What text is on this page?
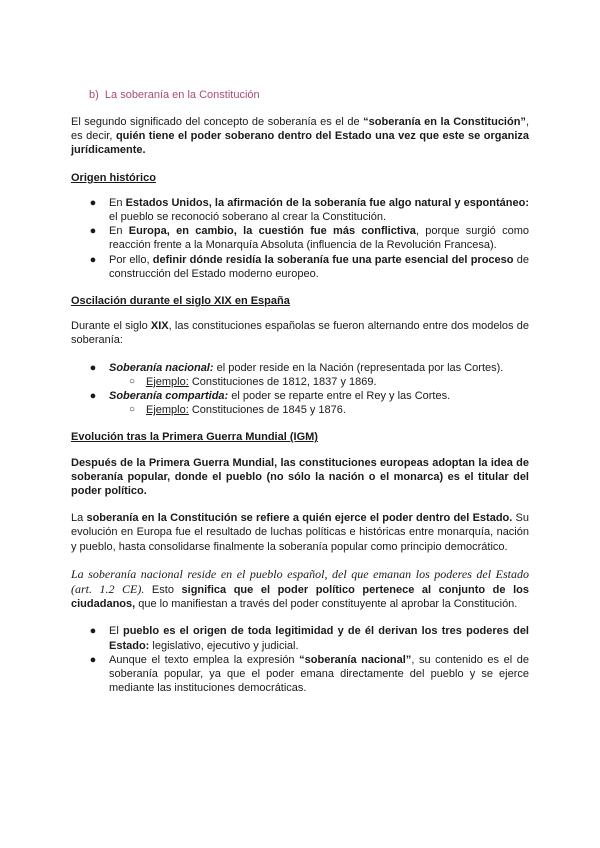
b) La soberanía en la Constitución

El segundo significado del concepto de soberanía es el de “soberanía en la Constitución”, es decir, quién tiene el poder soberano dentro del Estado una vez que este se organiza jurídicamente.

Origen histórico
● En Estados Unidos, la afirmación de la soberanía fue algo natural y espontáneo: el pueblo se reconoció soberano al crear la Constitución.
● En Europa, en cambio, la cuestión fue más conflictiva, porque surgió como reacción frente a la Monarquía Absoluta (influencia de la Revolución Francesa).
● Por ello, definir dónde residía la soberanía fue una parte esencial del proceso de construcción del Estado moderno europeo.
Oscilación durante el siglo XIX en España

Durante el siglo XIX, las constituciones españolas se fueron alternando entre dos modelos de soberanía:

● Soberanía nacional: el poder reside en la Nación (representada por las Cortes).
○ Ejemplo: Constituciones de 1812, 1837 y 1869.
● Soberanía compartida: el poder se reparte entre el Rey y las Cortes.
○ Ejemplo: Constituciones de 1845 y 1876.
Evolución tras la Primera Guerra Mundial (IGM)

Después de la Primera Guerra Mundial, las constituciones europeas adoptan la idea de soberanía popular, donde el pueblo (no sólo la nación o el monarca) es el titular del poder político.

La soberanía en la Constitución se refiere a quién ejerce el poder dentro del Estado. Su evolución en Europa fue el resultado de luchas políticas e históricas entre monarquía, nación y pueblo, hasta consolidarse finalmente la soberanía popular como principio democrático.

La soberanía nacional reside en el pueblo español, del que emanan los poderes del Estado (art. 1.2 CE). Esto significa que el poder político pertenece al conjunto de los ciudadanos, que lo manifiestan a través del poder constituyente al aprobar la Constitución.

● El pueblo es el origen de toda legitimidad y de él derivan los tres poderes del Estado: legislativo, ejecutivo y judicial.
● Aunque el texto emplea la expresión “soberanía nacional”, su contenido es el de soberanía popular, ya que el poder emana directamente del pueblo y se ejerce mediante las instituciones democráticas.
